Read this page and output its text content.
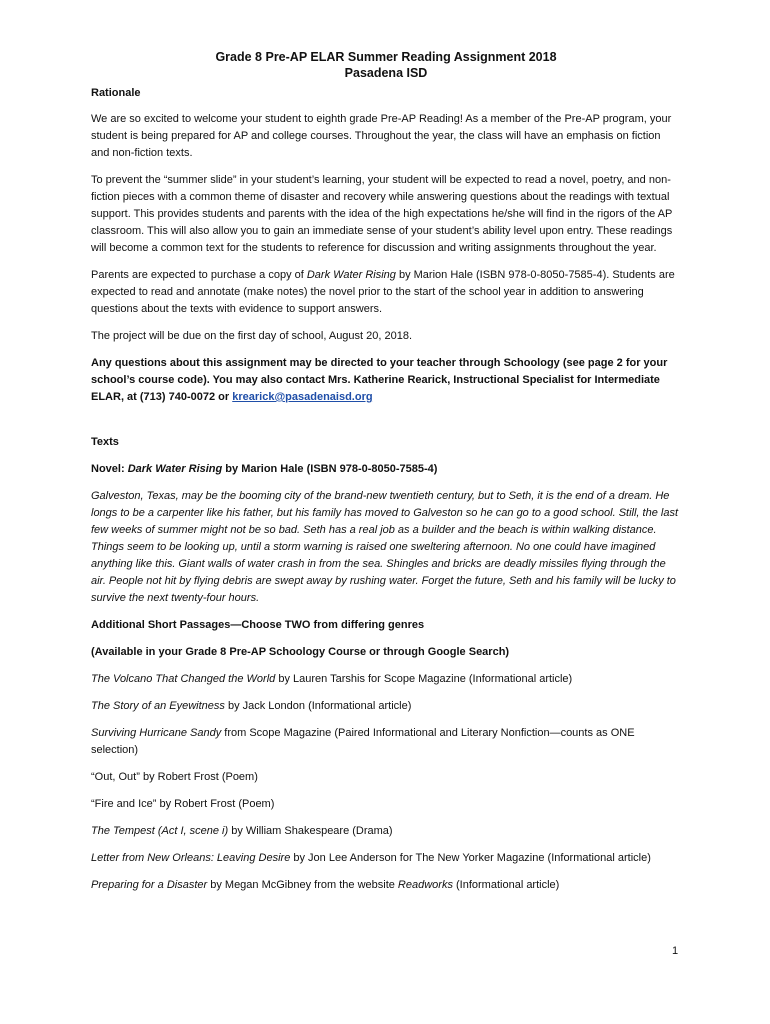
Grade 8 Pre-AP ELAR Summer Reading Assignment 2018
Pasadena ISD

Rationale

We are so excited to welcome your student to eighth grade Pre-AP Reading! As a member of the Pre-AP program, your student is being prepared for AP and college courses. Throughout the year, the class will have an emphasis on fiction and non-fiction texts.

To prevent the “summer slide” in your student’s learning, your student will be expected to read a novel, poetry, and non-fiction pieces with a common theme of disaster and recovery while answering questions about the readings with textual support. This provides students and parents with the idea of the high expectations he/she will find in the rigors of the AP classroom. This will also allow you to gain an immediate sense of your student’s ability level upon entry. These readings will become a common text for the students to reference for discussion and writing assignments throughout the year.

Parents are expected to purchase a copy of Dark Water Rising by Marion Hale (ISBN 978-0-8050-7585-4). Students are expected to read and annotate (make notes) the novel prior to the start of the school year in addition to answering questions about the texts with evidence to support answers.

The project will be due on the first day of school, August 20, 2018.

Any questions about this assignment may be directed to your teacher through Schoology (see page 2 for your school’s course code). You may also contact Mrs. Katherine Rearick, Instructional Specialist for Intermediate ELAR, at (713) 740-0072 or krearick@pasadenaisd.org

Texts

Novel: Dark Water Rising by Marion Hale (ISBN 978-0-8050-7585-4)

Galveston, Texas, may be the booming city of the brand-new twentieth century, but to Seth, it is the end of a dream. He longs to be a carpenter like his father, but his family has moved to Galveston so he can go to a good school. Still, the last few weeks of summer might not be so bad. Seth has a real job as a builder and the beach is within walking distance. Things seem to be looking up, until a storm warning is raised one sweltering afternoon. No one could have imagined anything like this. Giant walls of water crash in from the sea. Shingles and bricks are deadly missiles flying through the air. People not hit by flying debris are swept away by rushing water. Forget the future, Seth and his family will be lucky to survive the next twenty-four hours.

Additional Short Passages—Choose TWO from differing genres

(Available in your Grade 8 Pre-AP Schoology Course or through Google Search)

The Volcano That Changed the World by Lauren Tarshis for Scope Magazine (Informational article)

The Story of an Eyewitness by Jack London (Informational article)

Surviving Hurricane Sandy from Scope Magazine (Paired Informational and Literary Nonfiction—counts as ONE selection)

“Out, Out” by Robert Frost (Poem)

“Fire and Ice” by Robert Frost (Poem)

The Tempest (Act I, scene i) by William Shakespeare (Drama)

Letter from New Orleans: Leaving Desire by Jon Lee Anderson for The New Yorker Magazine (Informational article)

Preparing for a Disaster by Megan McGibney from the website Readworks (Informational article)

1
